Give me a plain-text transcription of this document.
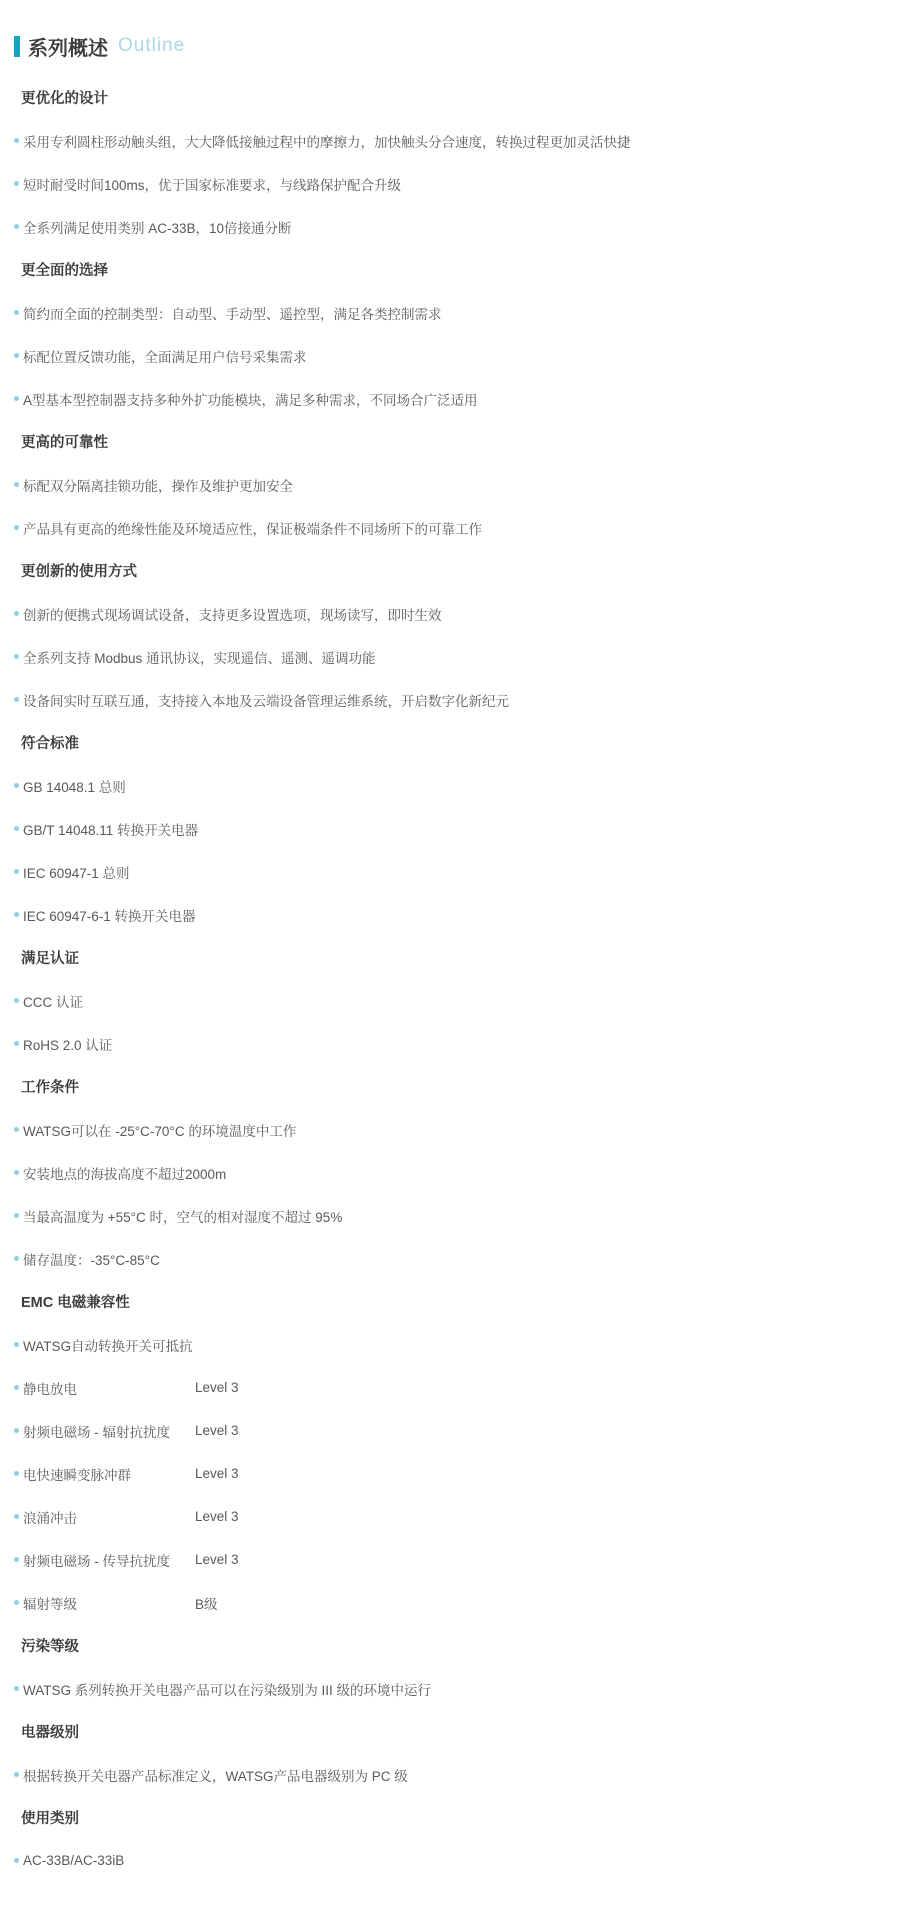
系列概述 Outline
更优化的设计
采用专利圆柱形动触头组，大大降低接触过程中的摩擦力，加快触头分合速度，转换过程更加灵活快捷
短时耐受时间100ms，优于国家标准要求，与线路保护配合升级
全系列满足使用类别 AC-33B，10倍接通分断
更全面的选择
简约而全面的控制类型：自动型、手动型、遥控型，满足各类控制需求
标配位置反馈功能，全面满足用户信号采集需求
A型基本型控制器支持多种外扩功能模块，满足多种需求，不同场合广泛适用
更高的可靠性
标配双分隔离挂锁功能，操作及维护更加安全
产品具有更高的绝缘性能及环境适应性，保证极端条件不同场所下的可靠工作
更创新的使用方式
创新的便携式现场调试设备，支持更多设置选项，现场读写，即时生效
全系列支持 Modbus 通讯协议，实现遥信、遥测、遥调功能
设备间实时互联互通，支持接入本地及云端设备管理运维系统，开启数字化新纪元
符合标准
GB 14048.1 总则
GB/T 14048.11 转换开关电器
IEC 60947-1 总则
IEC 60947-6-1 转换开关电器
满足认证
CCC 认证
RoHS 2.0 认证
工作条件
WATSG可以在 -25°C-70°C 的环境温度中工作
安装地点的海拔高度不超过2000m
当最高温度为 +55°C 时，空气的相对湿度不超过 95%
储存温度：-35°C-85°C
EMC 电磁兼容性
WATSG自动转换开关可抵抗
静电放电	Level 3
射频电磁场 - 辐射抗扰度	Level 3
电快速瞬变脉冲群	Level 3
浪涌冲击	Level 3
射频电磁场 - 传导抗扰度	Level 3
辐射等级	B级
污染等级
WATSG 系列转换开关电器产品可以在污染级别为 III 级的环境中运行
电器级别
根据转换开关电器产品标准定义，WATSG产品电器级别为 PC 级
使用类别
AC-33B/AC-33iB
